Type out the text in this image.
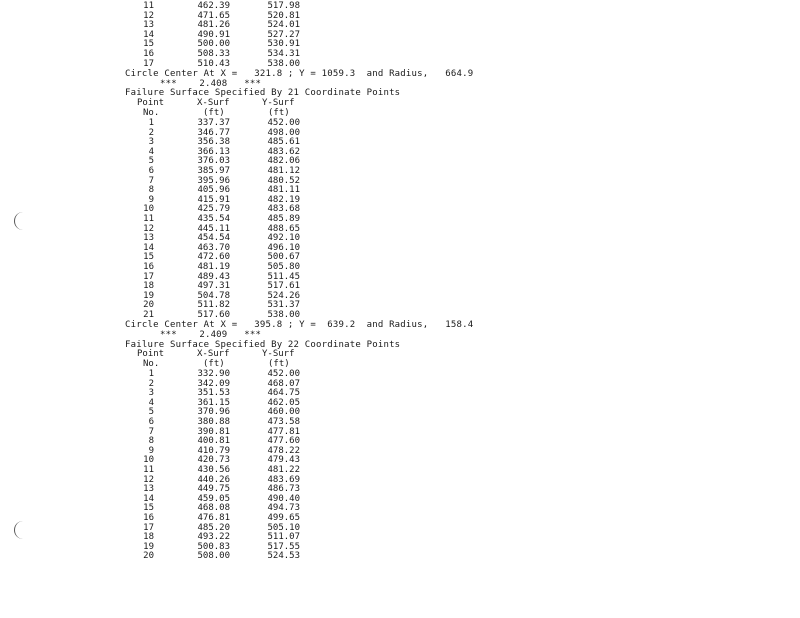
11	462.39	517.98
12	471.65	520.81
13	481.26	524.01
14	490.91	527.27
15	500.00	530.91
16	508.33	534.31
17	510.43	538.00
Circle Center At X =   321.8 ; Y = 1059.3  and Radius,   664.9
***    2.408   ***
Failure Surface Specified By 21 Coordinate Points
Point	X-Surf	Y-Surf
No.	(ft)	(ft)
1	337.37	452.00
2	346.77	498.00
3	356.38	485.61
4	366.13	483.62
5	376.03	482.06
6	385.97	481.12
7	395.96	480.52
8	405.96	481.11
9	415.91	482.19
10	425.79	483.68
11	435.54	485.89
12	445.11	488.65
13	454.54	492.10
14	463.70	496.10
15	472.60	500.67
16	481.19	505.80
17	489.43	511.45
18	497.31	517.61
19	504.78	524.26
20	511.82	531.37
21	517.60	538.00
Circle Center At X =   395.8 ; Y =  639.2  and Radius,   158.4
***    2.409   ***
Failure Surface Specified By 22 Coordinate Points
Point	X-Surf	Y-Surf
No.	(ft)	(ft)
1	332.90	452.00
2	342.09	468.07
3	351.53	464.75
4	361.15	462.05
5	370.96	460.00
6	380.88	473.58
7	390.81	477.81
8	400.81	477.60
9	410.79	478.22
10	420.73	479.43
11	430.56	481.22
12	440.26	483.69
13	449.75	486.73
14	459.05	490.40
15	468.08	494.73
16	476.81	499.65
17	485.20	505.10
18	493.22	511.07
19	500.83	517.55
20	508.00	524.53
